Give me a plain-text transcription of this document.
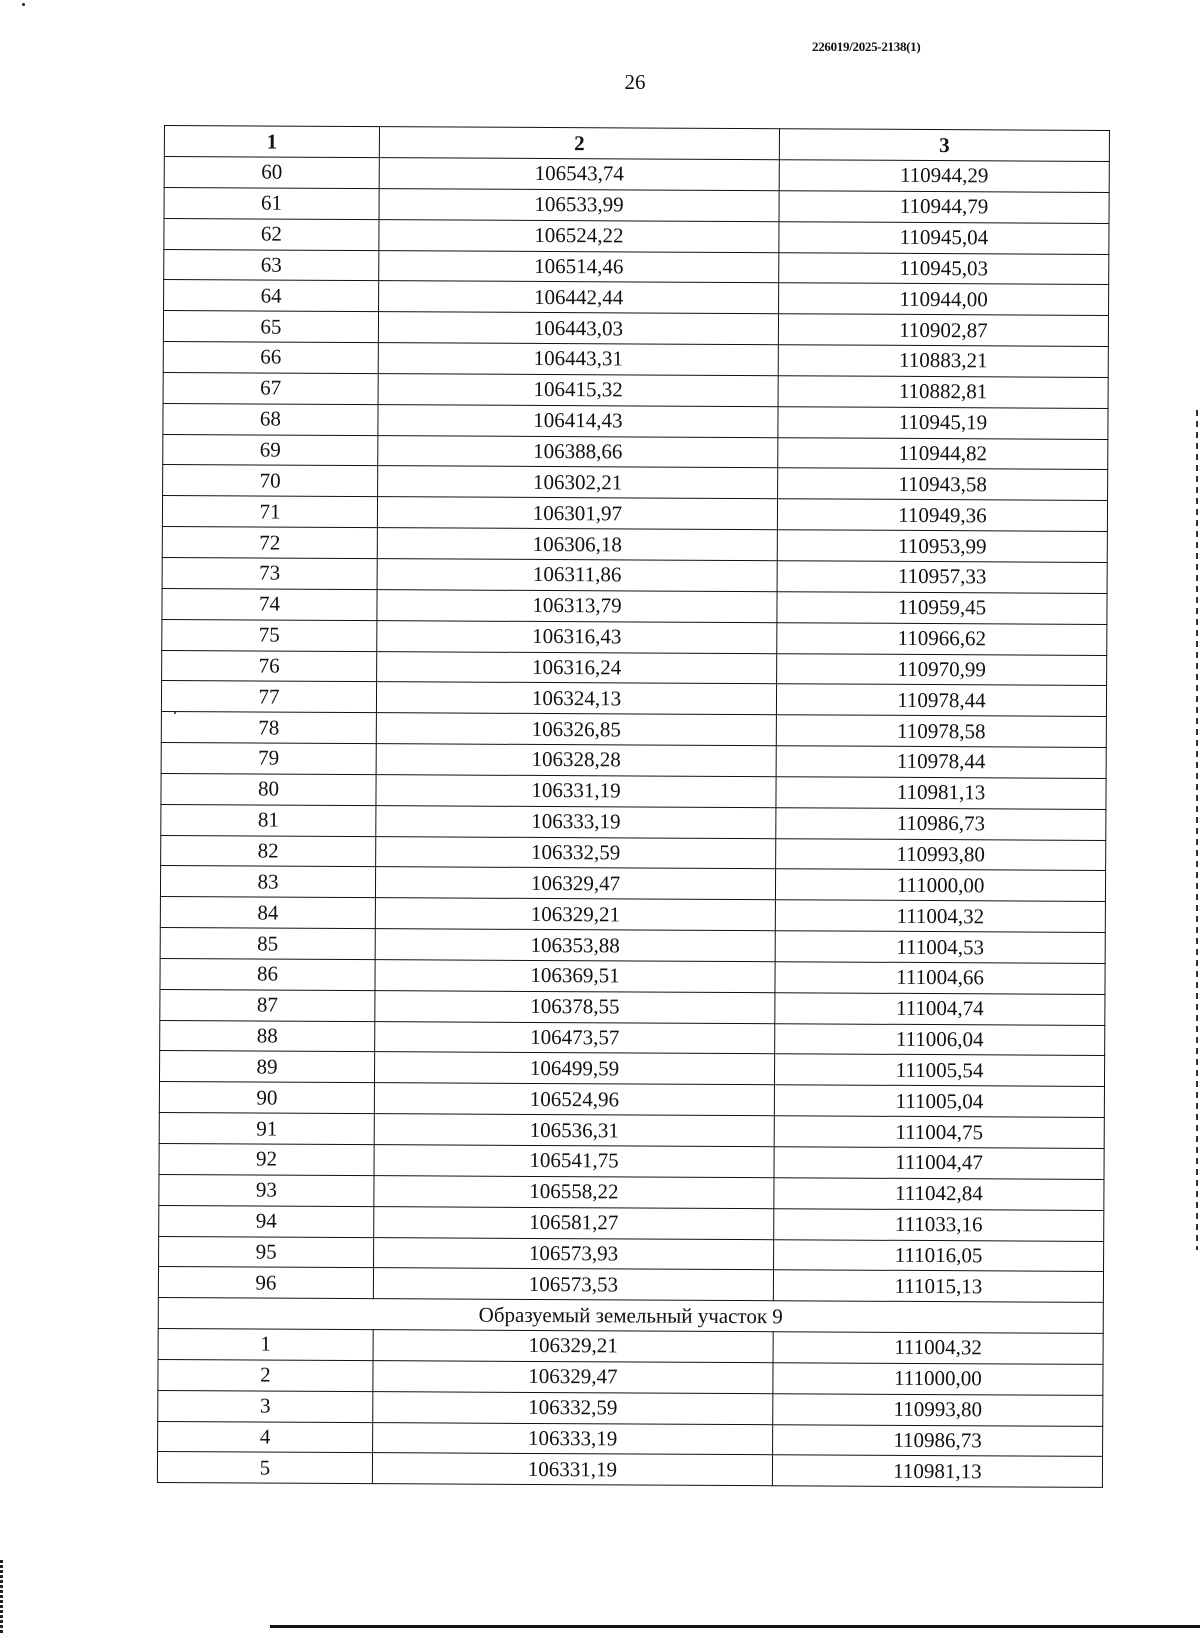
226019/2025-2138(1)
26
1	2	3
60	106543,74	110944,29
61	106533,99	110944,79
62	106524,22	110945,04
63	106514,46	110945,03
64	106442,44	110944,00
65	106443,03	110902,87
66	106443,31	110883,21
67	106415,32	110882,81
68	106414,43	110945,19
69	106388,66	110944,82
70	106302,21	110943,58
71	106301,97	110949,36
72	106306,18	110953,99
73	106311,86	110957,33
74	106313,79	110959,45
75	106316,43	110966,62
76	106316,24	110970,99
77	106324,13	110978,44
78	106326,85	110978,58
79	106328,28	110978,44
80	106331,19	110981,13
81	106333,19	110986,73
82	106332,59	110993,80
83	106329,47	111000,00
84	106329,21	111004,32
85	106353,88	111004,53
86	106369,51	111004,66
87	106378,55	111004,74
88	106473,57	111006,04
89	106499,59	111005,54
90	106524,96	111005,04
91	106536,31	111004,75
92	106541,75	111004,47
93	106558,22	111042,84
94	106581,27	111033,16
95	106573,93	111016,05
96	106573,53	111015,13
Образуемый земельный участок 9		
1	106329,21	111004,32
2	106329,47	111000,00
3	106332,59	110993,80
4	106333,19	110986,73
5	106331,19	110981,13
